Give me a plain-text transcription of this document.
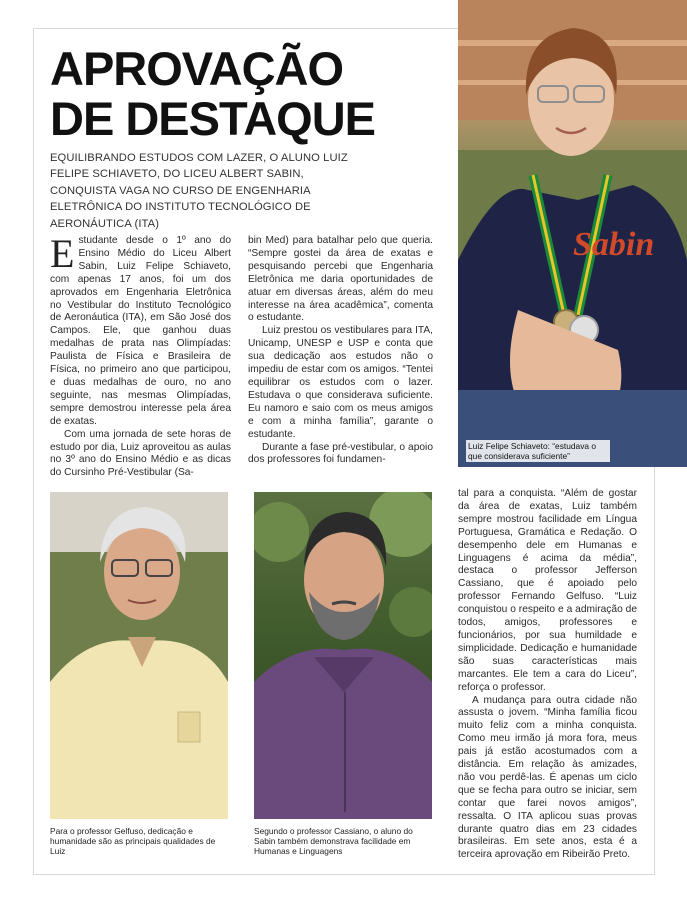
APROVAÇÃO
DE DESTAQUE

EQUILIBRANDO ESTUDOS COM LAZER, O ALUNO LUIZ FELIPE SCHIAVETO, DO LICEU ALBERT SABIN, CONQUISTA VAGA NO CURSO DE ENGENHARIA ELETRÔNICA DO INSTITUTO TECNOLÓGICO DE AERONÁUTICA (ITA)

Estudante desde o 1º ano do Ensino Médio do Liceu Albert Sabin, Luiz Felipe Schiaveto, com apenas 17 anos, foi um dos aprovados em Engenharia Eletrônica no Vestibular do Instituto Tecnológico de Aeronáutica (ITA), em São José dos Campos. Ele, que ganhou duas medalhas de prata nas Olimpíadas: Paulista de Física e Brasileira de Física, no primeiro ano que participou, e duas medalhas de ouro, no ano seguinte, nas mesmas Olimpíadas, sempre demostrou interesse pela área de exatas.

Com uma jornada de sete horas de estudo por dia, Luiz aproveitou as aulas no 3º ano do Ensino Médio e as dicas do Cursinho Pré-Vestibular (Sa-

bin Med) para batalhar pelo que queria. “Sempre gostei da área de exatas e pesquisando percebi que Engenharia Eletrônica me daria oportunidades de atuar em diversas áreas, além do meu interesse na área acadêmica”, comenta o estudante.

Luiz prestou os vestibulares para ITA, Unicamp, UNESP e USP e conta que sua dedicação aos estudos não o impediu de estar com os amigos. “Tentei equilibrar os estudos com o lazer. Estudava o que considerava suficiente. Eu namoro e saio com os meus amigos e com a minha família”, garante o estudante.

Durante a fase pré-vestibular, o apoio dos professores foi fundamen-

tal para a conquista. “Além de gostar da área de exatas, Luiz também sempre mostrou facilidade em Língua Portuguesa, Gramática e Redação. O desempenho dele em Humanas e Linguagens é acima da média”, destaca o professor Jefferson Cassiano, que é apoiado pelo professor Fernando Gelfuso. “Luiz conquistou o respeito e a admiração de todos, amigos, professores e funcionários, por sua humildade e simplicidade. Dedicação e humanidade são suas características mais marcantes. Ele tem a cara do Liceu”, reforça o professor.

A mudança para outra cidade não assusta o jovem. “Minha família ficou muito feliz com a minha conquista. Como meu irmão já mora fora, meus pais já estão acostumados com a distância. Em relação às amizades, não vou perdê-las. É apenas um ciclo que se fecha para outro se iniciar, sem contar que farei novos amigos”, ressalta. O ITA aplicou suas provas durante quatro dias em 23 cidades brasileiras. Em sete anos, esta é a terceira aprovação em Ribeirão Preto.

Sabin
Luiz Felipe Schiaveto: “estudava o que considerava suficiente”
Para o professor Gelfuso, dedicação e humanidade são as principais qualidades de Luiz
Segundo o professor Cassiano, o aluno do Sabin também demonstrava facilidade em Humanas e Linguagens
